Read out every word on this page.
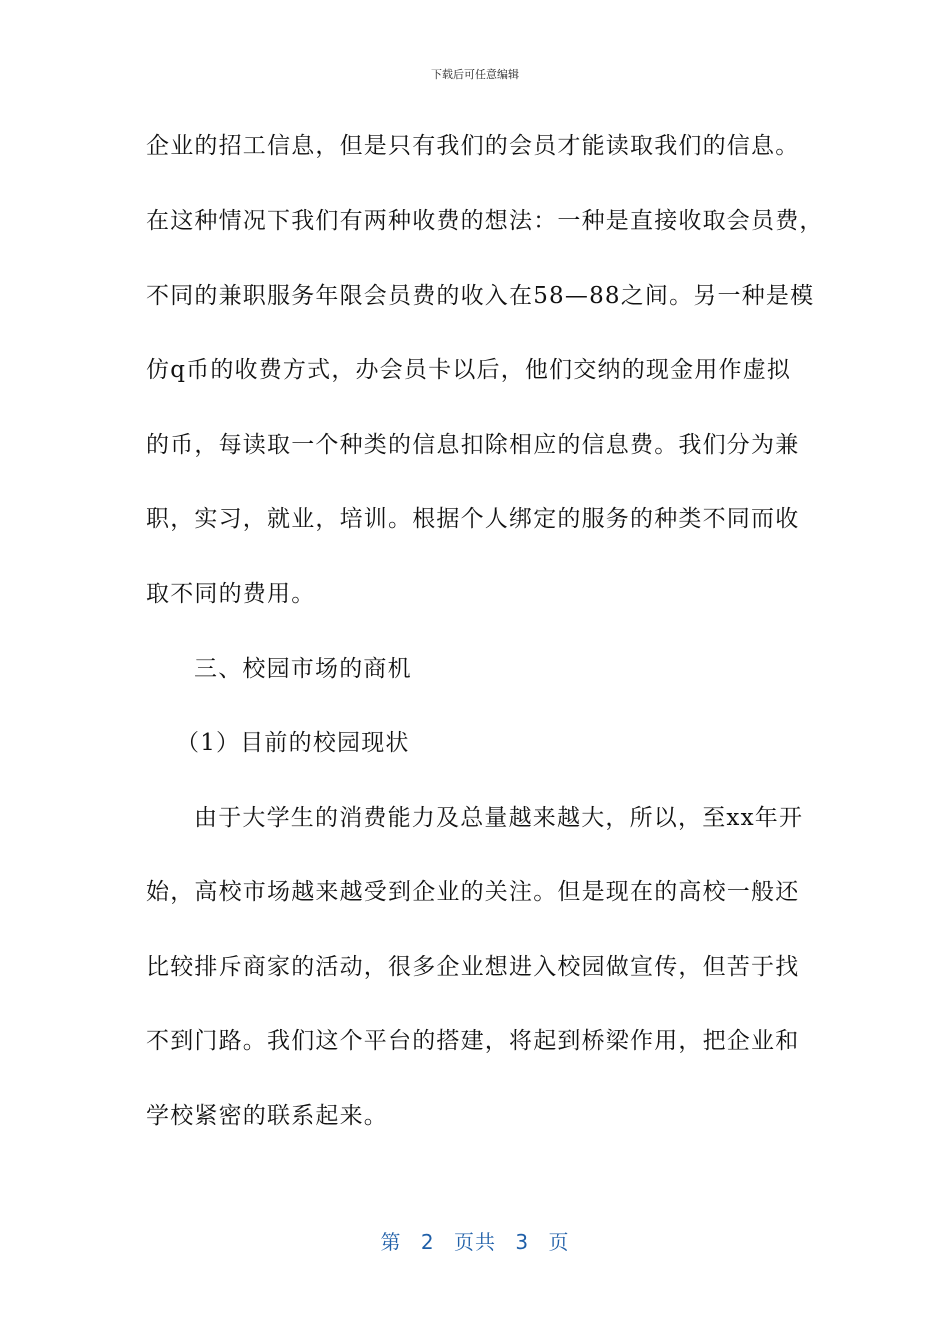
下载后可任意编辑
企业的招工信息，但是只有我们的会员才能读取我们的信息。
在这种情况下我们有两种收费的想法：一种是直接收取会员费，
不同的兼职服务年限会员费的收入在58—88之间。另一种是模
仿q币的收费方式，办会员卡以后，他们交纳的现金用作虚拟
的币，每读取一个种类的信息扣除相应的信息费。我们分为兼
职，实习，就业，培训。根据个人绑定的服务的种类不同而收
取不同的费用。
三、校园市场的商机
（1）目前的校园现状
由于大学生的消费能力及总量越来越大，所以，至xx年开
始，高校市场越来越受到企业的关注。但是现在的高校一般还
比较排斥商家的活动，很多企业想进入校园做宣传，但苦于找
不到门路。我们这个平台的搭建，将起到桥梁作用，把企业和
学校紧密的联系起来。
第 2 页共 3 页
